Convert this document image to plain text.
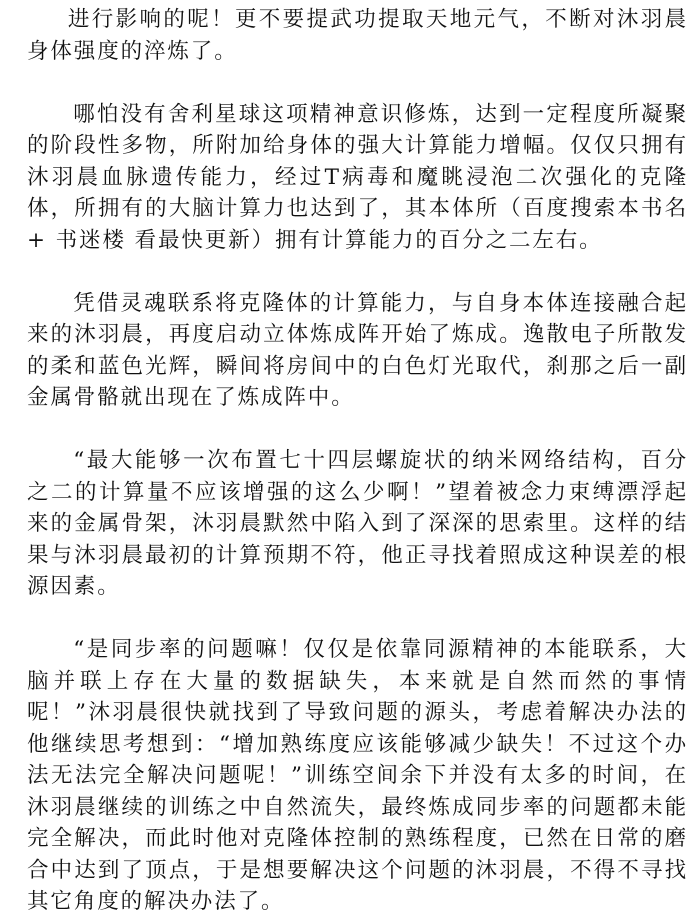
进行影响的呢！更不要提武功提取天地元气，不断对沐羽晨身体强度的淬炼了。

哪怕没有舍利星球这项精神意识修炼，达到一定程度所凝聚的阶段性多物，所附加给身体的强大计算能力增幅。仅仅只拥有沐羽晨血脉遗传能力，经过T病毒和魔眺浸泡二次强化的克隆体，所拥有的大脑计算力也达到了，其本体所（百度搜索本书名+ 书迷楼 看最快更新）拥有计算能力的百分之二左右。

凭借灵魂联系将克隆体的计算能力，与自身本体连接融合起来的沐羽晨，再度启动立体炼成阵开始了炼成。逸散电子所散发的柔和蓝色光辉，瞬间将房间中的白色灯光取代，刹那之后一副金属骨骼就出现在了炼成阵中。

“最大能够一次布置七十四层螺旋状的纳米网络结构，百分之二的计算量不应该增强的这么少啊！”望着被念力束缚漂浮起来的金属骨架，沐羽晨默然中陷入到了深深的思索里。这样的结果与沐羽晨最初的计算预期不符，他正寻找着照成这种误差的根源因素。

“是同步率的问题嘛！仅仅是依靠同源精神的本能联系，大脑并联上存在大量的数据缺失，本来就是自然而然的事情呢！”沐羽晨很快就找到了导致问题的源头，考虑着解决办法的他继续思考想到：“增加熟练度应该能够减少缺失！不过这个办法无法完全解决问题呢！”训练空间余下并没有太多的时间，在沐羽晨继续的训练之中自然流失，最终炼成同步率的问题都未能完全解决，而此时他对克隆体控制的熟练程度，已然在日常的磨合中达到了顶点，于是想要解决这个问题的沐羽晨，不得不寻找其它角度的解决办法了。
